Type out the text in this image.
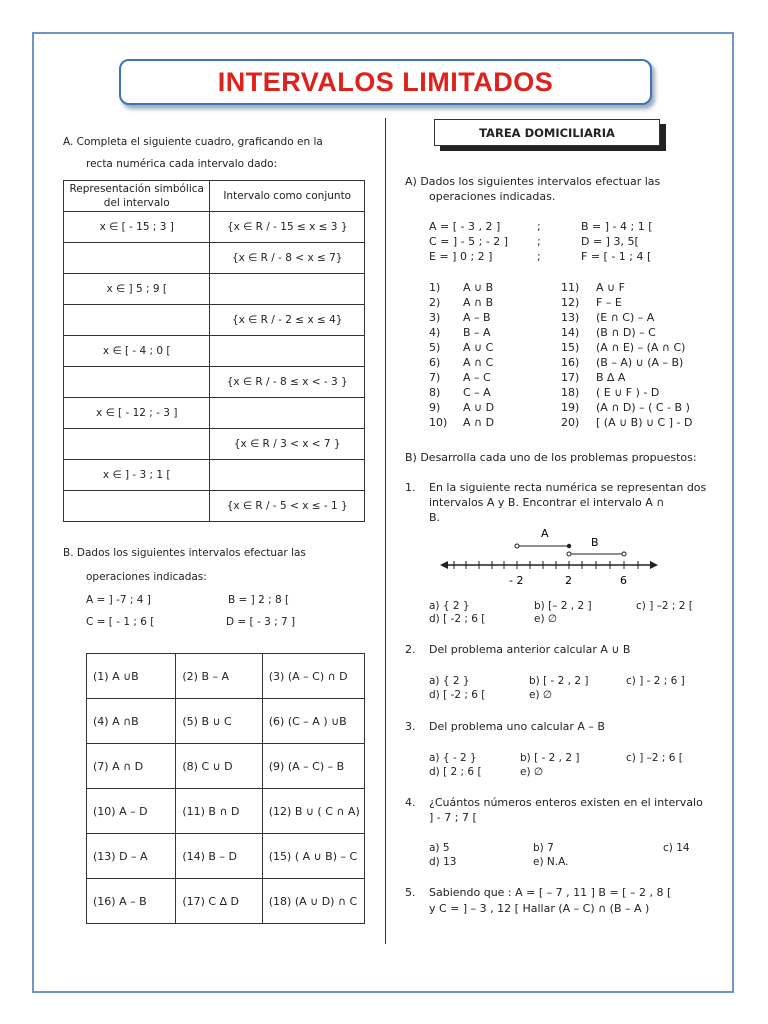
INTERVALOS LIMITADOS
A. Completa el siguiente cuadro, graficando en la
recta numérica cada intervalo dado:
Representación simbólica del intervalo	Intervalo como conjunto
x ∈ [ - 15 ; 3 ]	{x ∈ R / - 15 ≤ x ≤ 3 }
	{x ∈ R / - 8 < x ≤ 7}
x ∈ ] 5 ; 9 [	
	{x ∈ R / - 2 ≤ x ≤ 4}
x ∈ [ - 4 ; 0 [	
	{x ∈ R / - 8 ≤ x < - 3 }
x ∈ [ - 12 ; - 3 ]	
	{x ∈ R / 3 < x < 7 }
x ∈ ] - 3 ; 1 [	
	{x ∈ R / - 5 < x ≤ - 1 }
B. Dados los siguientes intervalos efectuar las
operaciones indicadas:
A = ] -7 ; 4 ]	B = ] 2 ; 8 [
C = [ - 1 ; 6 [	D = [ - 3 ; 7 ]
(1) A ∪B	(2) B – A	(3) (A – C) ∩ D
(4) A ∩B	(5) B ∪ C	(6) (C – A ) ∪B
(7) A ∩ D	(8) C ∪ D	(9) (A – C) – B
(10) A – D	(11) B ∩ D	(12) B ∪ ( C ∩ A)
(13) D – A	(14) B – D	(15) ( A ∪ B) – C
(16) A – B	(17) C ∆ D	(18) (A ∪ D) ∩ C
TAREA DOMICILIARIA
A) Dados los siguientes intervalos efectuar las
operaciones indicadas.
A = [ - 3 , 2 ]	;	B = ] - 4 ; 1 [
C = ] - 5 ; - 2 ]	;	D = ] 3, 5[
E = ] 0 ; 2 ]	;	F = [ - 1 ; 4 [
1) A ∪ B
2) A ∩ B
3) A – B
4) B – A
5) A ∪ C
6) A ∩ C
7) A – C
8) C – A
9) A ∪ D
10) A ∩ D
11) A ∪ F
12) F – E
13) (E ∩ C) – A
14) (B ∩ D) – C
15) (A ∩ E) – (A ∩ C)
16) (B – A) ∪ (A – B)
17) B ∆ A
18) ( E ∪ F ) - D
19) (A ∩ D) – ( C - B )
20) [ (A ∪ B) ∪ C ] - D
B) Desarrolla cada uno de los problemas propuestos:
1. En la siguiente recta numérica se representan dos
intervalos A y B. Encontrar el intervalo A ∩
B.
A
B
- 2	2	6
a) { 2 }	b) [– 2 , 2 ]	c) ] –2 ; 2 [
d) [ -2 ; 6 [	e) ∅
2. Del problema anterior calcular A ∪ B
a) { 2 }	b) [ - 2 , 2 ]	c) ] - 2 ; 6 ]
d) [ -2 ; 6 [	e) ∅
3. Del problema uno calcular A – B
a) { - 2 }	b) [ - 2 , 2 ]	c) ] –2 ; 6 [
d) [ 2 ; 6 [	e) ∅
4. ¿Cuántos números enteros existen en el intervalo
] - 7 ; 7 [
a) 5	b) 7	c) 14
d) 13	e) N.A.
5. Sabiendo que : A = [ – 7 , 11 ] B = [ – 2 , 8 [
y C = ] – 3 , 12 [ Hallar (A – C) ∩ (B – A )
